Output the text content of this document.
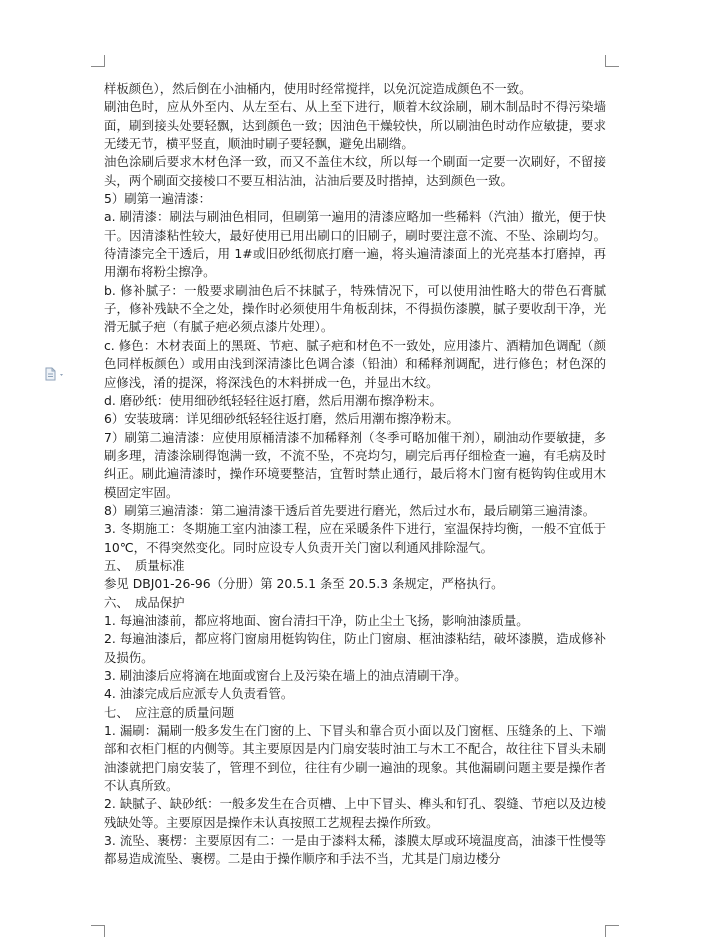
样板颜色），然后倒在小油桶内，使用时经常搅拌，以免沉淀造成颜色不一致。

刷油色时，应从外至内、从左至右、从上至下进行，顺着木纹涂刷，刷木制品时不得污染墙面，刷到接头处要轻飘，达到颜色一致；因油色干燥较快，所以刷油色时动作应敏捷，要求无缕无节，横平竖直，顺油时刷子要轻飘，避免出刷绺。

油色涂刷后要求木材色泽一致，而又不盖住木纹，所以每一个刷面一定要一次刷好，不留接头，两个刷面交接棱口不要互相沾油，沾油后要及时揩掉，达到颜色一致。

5）刷第一遍清漆：

a. 刷清漆：刷法与刷油色相同，但刷第一遍用的清漆应略加一些稀料（汽油）撤光，便于快干。因清漆粘性较大，最好使用已用出刷口的旧刷子，刷时要注意不流、不坠、涂刷均匀。待清漆完全干透后，用 1#或旧砂纸彻底打磨一遍，将头遍清漆面上的光亮基本打磨掉，再用潮布将粉尘擦净。

b. 修补腻子：一般要求刷油色后不抹腻子，特殊情况下，可以使用油性略大的带色石膏腻子，修补残缺不全之处，操作时必须使用牛角板刮抹，不得损伤漆膜，腻子要收刮干净，光滑无腻子疤（有腻子疤必须点漆片处理）。

c. 修色：木材表面上的黑斑、节疤、腻子疤和材色不一致处，应用漆片、酒精加色调配（颜色同样板颜色）或用由浅到深清漆比色调合漆（铅油）和稀释剂调配，进行修色；材色深的应修浅，淆的提深，将深浅色的木料拼成一色，并显出木纹。

d. 磨砂纸：使用细砂纸轻轻往返打磨，然后用潮布擦净粉末。

6）安装玻璃：详见细砂纸轻轻往返打磨，然后用潮布擦净粉末。

7）刷第二遍清漆：应使用原桶清漆不加稀释剂（冬季可略加催干剂），刷油动作要敏捷，多刷多理，清漆涂刷得饱满一致，不流不坠，不亮均匀，刷完后再仔细检查一遍，有毛病及时纠正。刷此遍清漆时，操作环境要整洁，宜暂时禁止通行，最后将木门窗有梃钩钩住或用木模固定牢固。

8）刷第三遍清漆：第二遍清漆干透后首先要进行磨光，然后过水布，最后刷第三遍清漆。

3. 冬期施工：冬期施工室内油漆工程，应在采暖条件下进行，室温保持均衡，一般不宜低于 10℃，不得突然变化。同时应设专人负责开关门窗以利通风排除湿气。

五、　质量标准

参见 DBJ01-26-96（分册）第 20.5.1 条至 20.5.3 条规定，严格执行。

六、　成品保护

1. 每遍油漆前，都应将地面、窗台清扫干净，防止尘土飞扬，影响油漆质量。

2. 每遍油漆后，都应将门窗扇用梃钩钩住，防止门窗扇、框油漆粘结，破坏漆膜，造成修补及损伤。

3. 刷油漆后应将滴在地面或窗台上及污染在墙上的油点清刷干净。

4. 油漆完成后应派专人负责看管。

七、　应注意的质量问题

1. 漏刷：漏刷一般多发生在门窗的上、下冒头和靠合页小面以及门窗框、压缝条的上、下端部和衣柜门框的内侧等。其主要原因是内门扇安装时油工与木工不配合，故往往下冒头未刷油漆就把门扇安装了，管理不到位，往往有少刷一遍油的现象。其他漏刷问题主要是操作者不认真所致。

2. 缺腻子、缺砂纸：一般多发生在合页槽、上中下冒头、榫头和钉孔、裂缝、节疤以及边棱残缺处等。主要原因是操作未认真按照工艺规程去操作所致。

3. 流坠、裹楞：主要原因有二：一是由于漆料太稀，漆膜太厚或环境温度高，油漆干性慢等都易造成流坠、裹楞。二是由于操作顺序和手法不当，尤其是门扇边楼分
